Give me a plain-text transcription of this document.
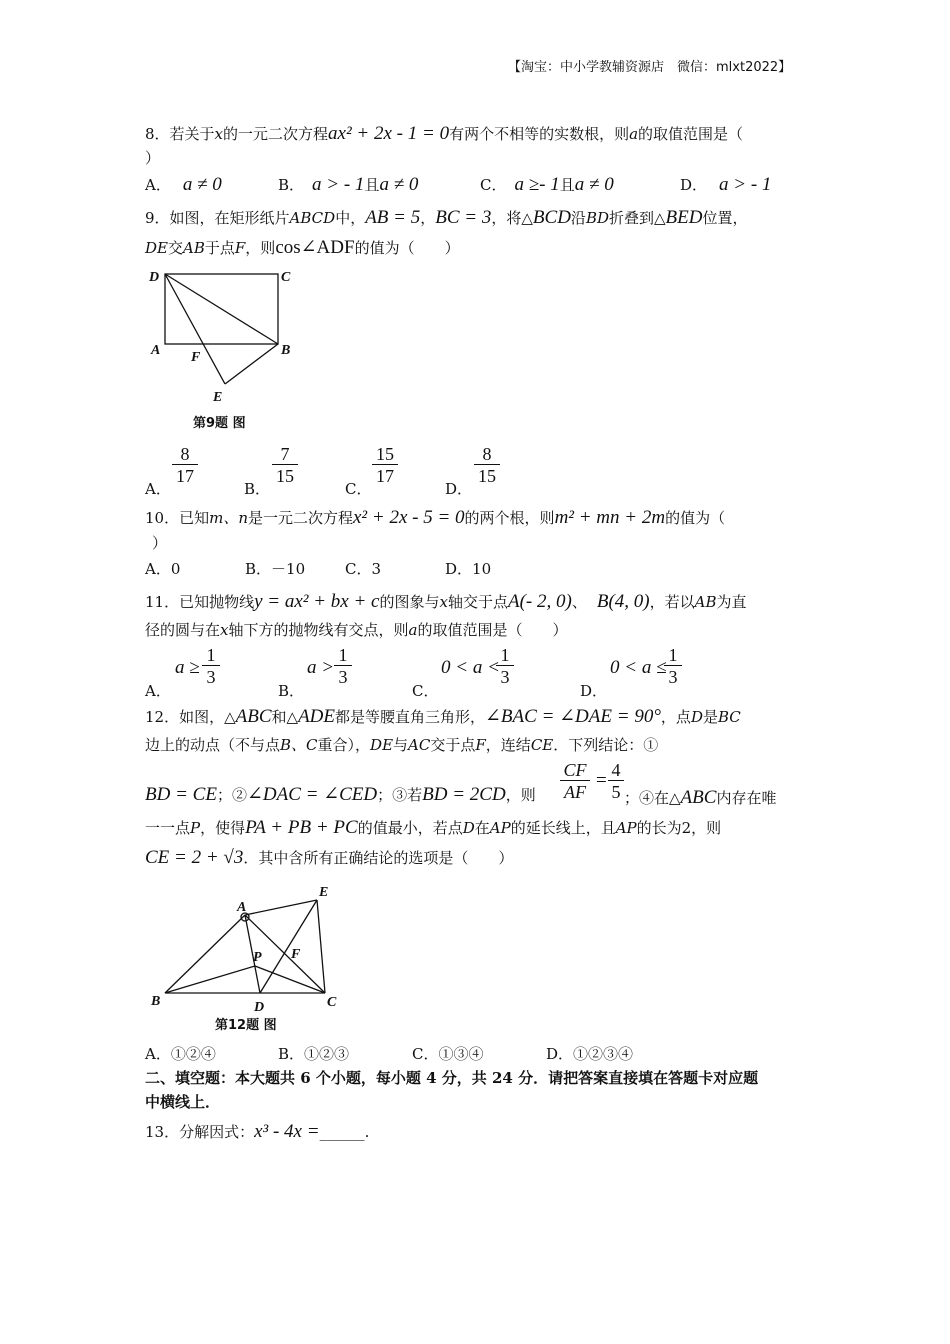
【淘宝：中小学教辅资源店　微信：mlxt2022】
8．若关于x的一元二次方程ax² + 2x - 1 = 0有两个不相等的实数根，则a的取值范围是（
）
A． a ≠ 0	B． a > - 1且a ≠ 0	C． a ≥- 1且a ≠ 0	D． a > - 1
9．如图，在矩形纸片ABCD中，AB = 5，BC = 3，将△BCD沿BD折叠到△BED位置，
DE交AB于点F，则cos∠ADF的值为（　　）
D	C
A F	B
E
第9题 图
A．
$\frac{8}{17}$
B．
$\frac{7}{15}$
C．
$\frac{15}{17}$
D．
$\frac{8}{15}$
10．已知m、n是一元二次方程x² + 2x - 5 = 0的两个根，则m² + mn + 2m的值为（
）
A．0	B．－10	C．3	D．10
11．已知抛物线y = ax² + bx + c的图象与x轴交于点A(- 2, 0)、 B(4, 0)，若以AB为直
径的圆与在x轴下方的抛物线有交点，则a的取值范围是（　　）
A．
$a \ge \frac{1}{3}$
B．
$a > \frac{1}{3}$
C．
0 < a <
$\frac{1}{3}$
D．
0 < a ≤
$\frac{1}{3}$
12．如图，△ABC和△ADE都是等腰直角三角形，∠BAC = ∠DAE = 90°，点D是BC
边上的动点（不与点B、C重合），DE与AC交于点F，连结CE．下列结论：①
BD = CE；②∠DAC = ∠CED；③若BD = 2CD，则 $\frac{CF}{AF} = \frac{4}{5}$ ；④在△ABC内存在唯
一一点P，使得PA + PB + PC的值最小，若点D在AP的延长线上，且AP的长为2，则
CE = 2 + √3．其中含所有正确结论的选项是（　　）
E
A
P F
B	D	C
第12题 图
A．①②④	B．①②③	C．①③④	D．①②③④
二、填空题：本大题共 6 个小题，每小题 4 分，共 24 分．请把答案直接填在答题卡对应题
中横线上．
13．分解因式：x³ - 4x =______.
